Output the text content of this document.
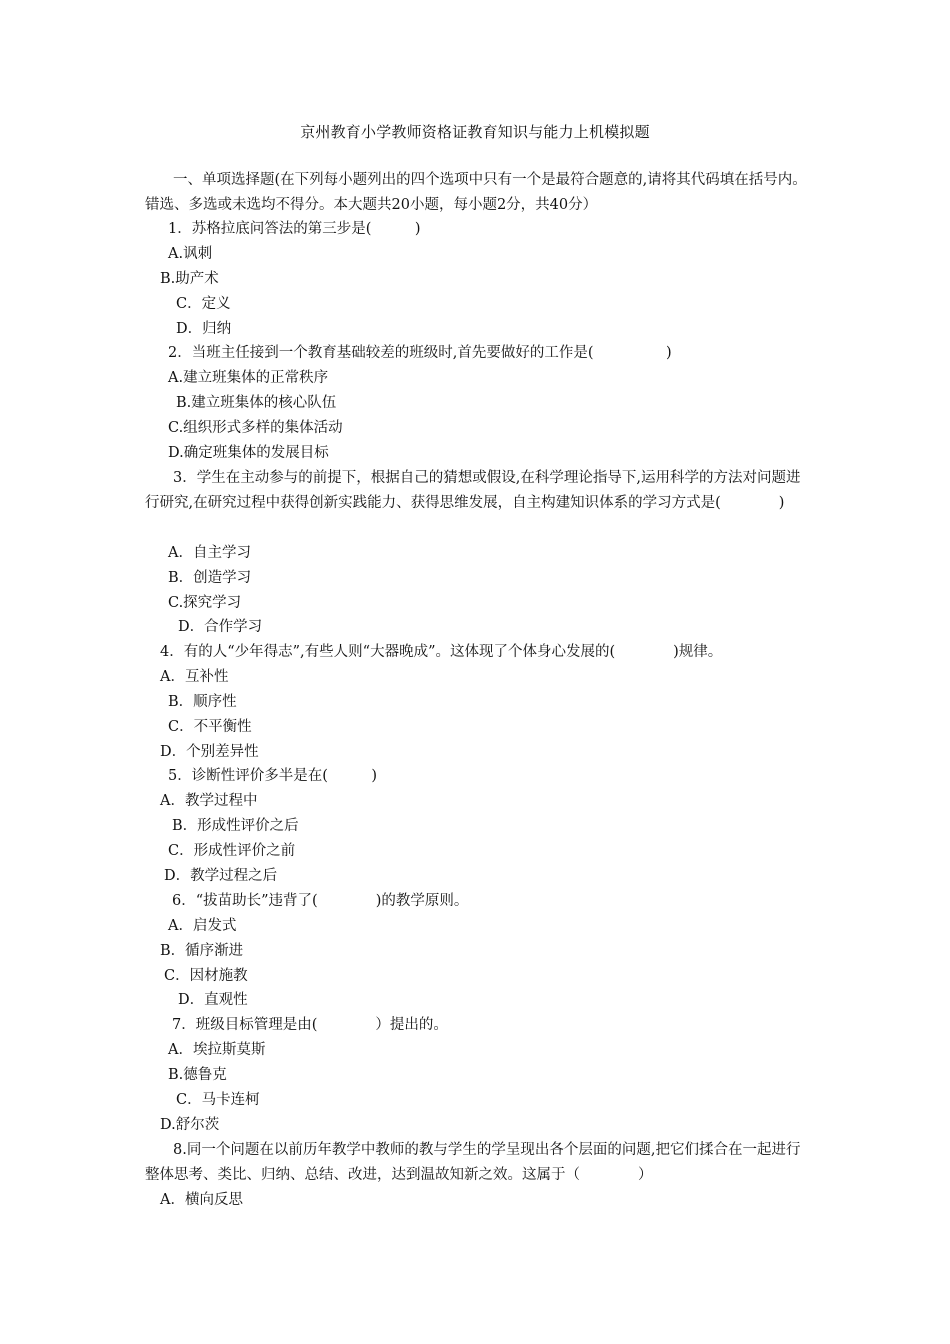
京州教育小学教师资格证教育知识与能力上机模拟题
一、单项选择题(在下列每小题列出的四个选项中只有一个是最符合题意的,请将其代码填在括号内。错选、多选或未选均不得分。本大题共20小题，每小题2分，共40分）
1．苏格拉底问答法的第三步是(　　　)
A.讽刺
B.助产术
C．定义
D．归纳
2．当班主任接到一个教育基础较差的班级时,首先要做好的工作是(　　　　　)
A.建立班集体的正常秩序
B.建立班集体的核心队伍
C.组织形式多样的集体活动
D.确定班集体的发展目标
3．学生在主动参与的前提下，根据自己的猜想或假设,在科学理论指导下,运用科学的方法对问题进行研究,在研究过程中获得创新实践能力、获得思维发展，自主构建知识体系的学习方式是(　　　　)
A．自主学习
B．创造学习
C.探究学习
D．合作学习
4．有的人“少年得志”,有些人则“大器晚成”。这体现了个体身心发展的(　　　　)规律。
A．互补性
B．顺序性
C．不平衡性
D．个别差异性
5．诊断性评价多半是在(　　　)
A．教学过程中
B．形成性评价之后
C．形成性评价之前
D．教学过程之后
6．“拔苗助长”违背了(　　　　)的教学原则。
A．启发式
B．循序渐进
C．因材施教
D．直观性
7．班级目标管理是由(　　　　）提出的。
A．埃拉斯莫斯
B.德鲁克
C．马卡连柯
D.舒尔茨
8.同一个问题在以前历年教学中教师的教与学生的学呈现出各个层面的问题,把它们揉合在一起进行整体思考、类比、归纳、总结、改进，达到温故知新之效。这属于（　　　　）
A．横向反思
